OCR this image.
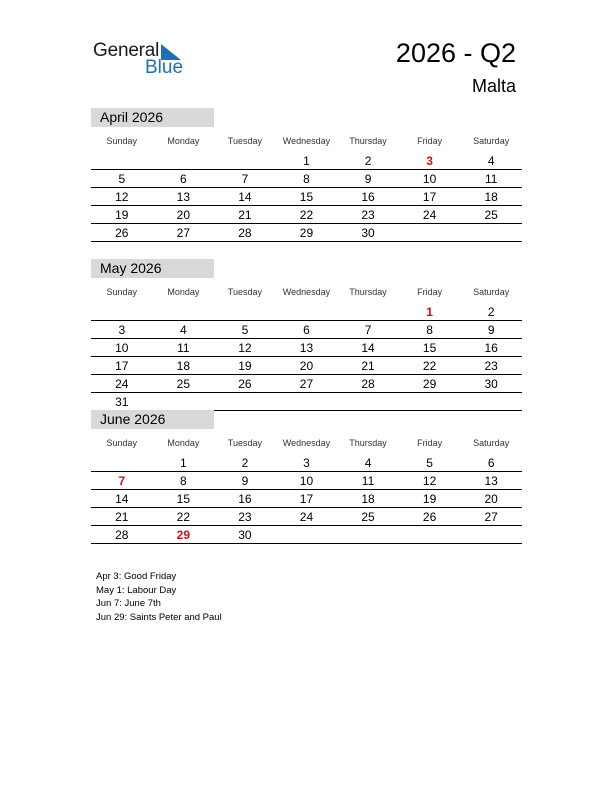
General
Blue	2026 - Q2
Malta
April 2026
Sunday	Monday	Tuesday	Wednesday	Thursday	Friday	Saturday
			1	2	3	4
5	6	7	8	9	10	11
12	13	14	15	16	17	18
19	20	21	22	23	24	25
26	27	28	29	30		
May 2026
Sunday	Monday	Tuesday	Wednesday	Thursday	Friday	Saturday
					1	2
3	4	5	6	7	8	9
10	11	12	13	14	15	16
17	18	19	20	21	22	23
24	25	26	27	28	29	30
31						
June 2026
Sunday	Monday	Tuesday	Wednesday	Thursday	Friday	Saturday
	1	2	3	4	5	6
7	8	9	10	11	12	13
14	15	16	17	18	19	20
21	22	23	24	25	26	27
28	29	30				
Apr 3: Good Friday
May 1: Labour Day
Jun 7: June 7th
Jun 29: Saints Peter and Paul
